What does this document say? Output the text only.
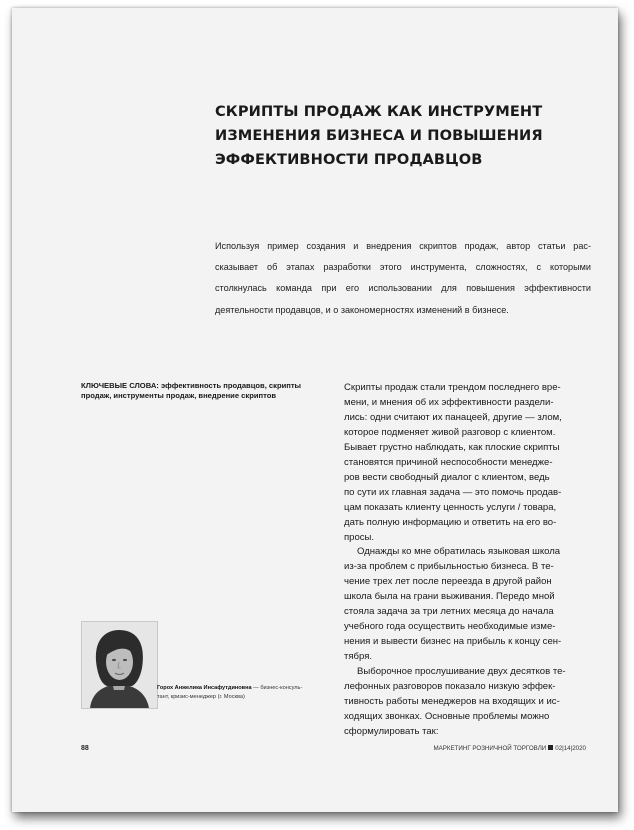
СКРИПТЫ ПРОДАЖ КАК ИНСТРУМЕНТ
ИЗМЕНЕНИЯ БИЗНЕСА И ПОВЫШЕНИЯ
ЭФФЕКТИВНОСТИ ПРОДАВЦОВ

Используя пример создания и внедрения скриптов продаж, автор статьи рас-
сказывает об этапах разработки этого инструмента, сложностях, с которыми
столкнулась команда при его использовании для повышения эффективности
деятельности продавцов, и о закономерностях изменений в бизнесе.

КЛЮЧЕВЫЕ СЛОВА: эффективность продавцов, скрипты
продаж, инструменты продаж, внедрение скриптов

Скрипты продаж стали трендом последнего вре-
мени, и мнения об их эффективности раздели-
лись: одни считают их панацеей, другие — злом,
которое подменяет живой разговор с клиентом.
Бывает грустно наблюдать, как плоские скрипты
становятся причиной неспособности менедже-
ров вести свободный диалог с клиентом, ведь
по сути их главная задача — это помочь продав-
цам показать клиенту ценность услуги / товара,
дать полную информацию и ответить на его во-
просы.
Однажды ко мне обратилась языковая школа
из-за проблем с прибыльностью бизнеса. В те-
чение трех лет после переезда в другой район
школа была на грани выживания. Передо мной
стояла задача за три летних месяца до начала
учебного года осуществить необходимые изме-
нения и вывести бизнес на прибыль к концу сен-
тября.
Выборочное прослушивание двух десятков те-
лефонных разговоров показало низкую эффек-
тивность работы менеджеров на входящих и ис-
ходящих звонках. Основные проблемы можно
сформулировать так:

Горох Анжелика Инсафутдиновна — бизнес-консуль-
тант, кризис-менеджер (г. Москва)

88	МАРКЕТИНГ РОЗНИЧНОЙ ТОРГОВЛИ 02|14|2020
